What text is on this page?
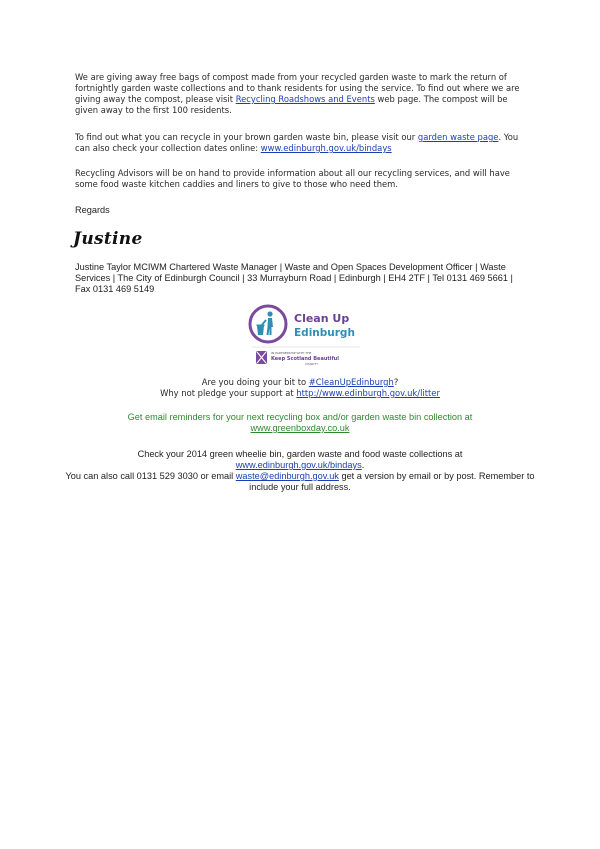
We are giving away free bags of compost made from your recycled garden waste to mark the return of fortnightly garden waste collections and to thank residents for using the service. To find out where we are giving away the compost, please visit Recycling Roadshows and Events web page. The compost will be given away to the first 100 residents.

To find out what you can recycle in your brown garden waste bin, please visit our garden waste page. You can also check your collection dates online: www.edinburgh.gov.uk/bindays

Recycling Advisors will be on hand to provide information about all our recycling services, and will have some food waste kitchen caddies and liners to give to those who need them.

Regards

Justine

Justine Taylor MCIWM Chartered Waste Manager | Waste and Open Spaces Development Officer | Waste Services | The City of Edinburgh Council | 33 Murrayburn Road | Edinburgh | EH4 2TF | Tel 0131 469 5661 | Fax 0131 469 5149

Clean Up
Edinburgh
IN PARTNERSHIP WITH THE
Keep Scotland Beautiful
CHARITY

Are you doing your bit to #CleanUpEdinburgh?

Why not pledge your support at http://www.edinburgh.gov.uk/litter

Get email reminders for your next recycling box and/or garden waste bin collection at

www.greenboxday.co.uk

Check your 2014 green wheelie bin, garden waste and food waste collections at

www.edinburgh.gov.uk/bindays.

You can also call 0131 529 3030 or email waste@edinburgh.gov.uk get a version by email or by post. Remember to include your full address.
